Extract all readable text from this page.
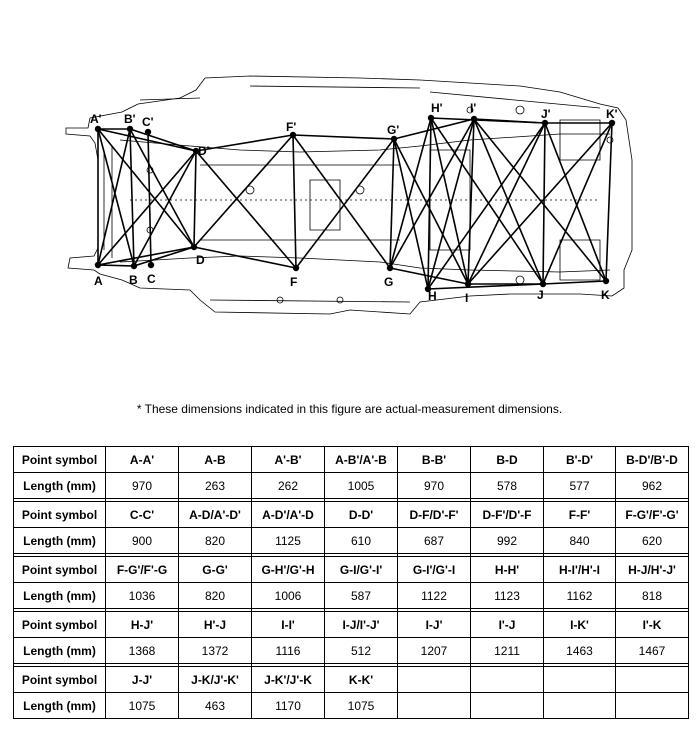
A' B' C'
D'
F'	G'
H' I'	J'	K'
A B C
D
F	G
H I	J	K
* These dimensions indicated in this figure are actual-measurement dimensions.
Point symbol	A-A'	A-B	A'-B'	A-B'/A'-B	B-B'	B-D	B'-D'	B-D'/B'-D
Length (mm)	970	263	262	1005	970	578	577	962

Point symbol	C-C'	A-D/A'-D'	A-D'/A'-D	D-D'	D-F/D'-F'	D-F'/D'-F	F-F'	F-G'/F'-G'
Length (mm)	900	820	1125	610	687	992	840	620

Point symbol	F-G'/F'-G	G-G'	G-H'/G'-H	G-I/G'-I'	G-I'/G'-I	H-H'	H-I'/H'-I	H-J/H'-J'
Length (mm)	1036	820	1006	587	1122	1123	1162	818

Point symbol	H-J'	H'-J	I-I'	I-J/I'-J'	I-J'	I'-J	I-K'	I'-K
Length (mm)	1368	1372	1116	512	1207	1211	1463	1467

Point symbol	J-J'	J-K/J'-K'	J-K'/J'-K	K-K'				
Length (mm)	1075	463	1170	1075				
